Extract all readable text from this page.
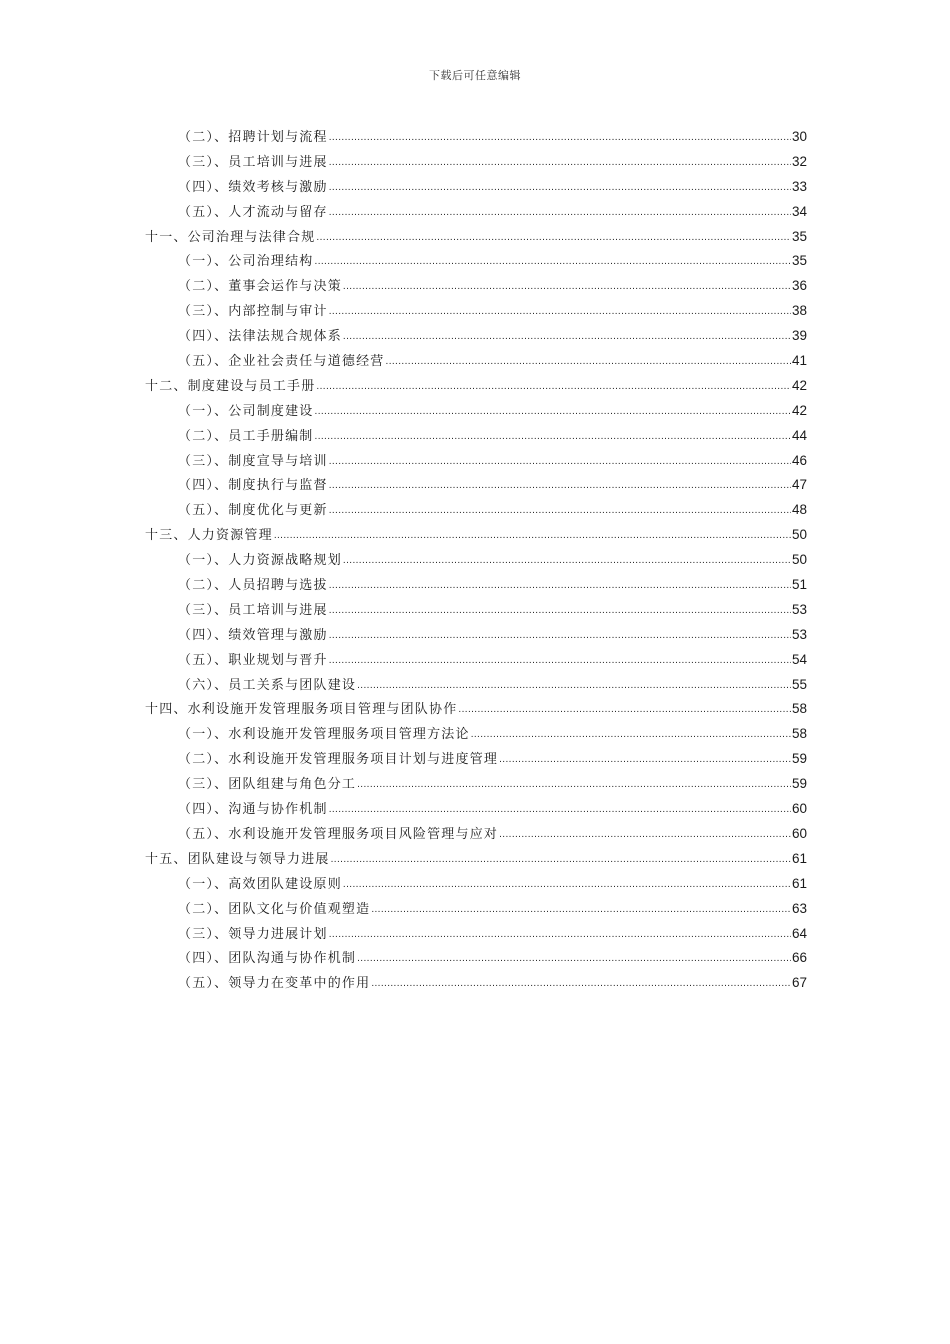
下载后可任意编辑
（二）、招聘计划与流程 .....	30
（三）、员工培训与进展 .....	32
（四）、绩效考核与激励 .....	33
（五）、人才流动与留存 .....	34
十一、公司治理与法律合规 .....	35
（一）、公司治理结构 .....	35
（二）、董事会运作与决策 .....	36
（三）、内部控制与审计 .....	38
（四）、法律法规合规体系 .....	39
（五）、企业社会责任与道德经营 .....	41
十二、制度建设与员工手册 .....	42
（一）、公司制度建设 .....	42
（二）、员工手册编制 .....	44
（三）、制度宣导与培训 .....	46
（四）、制度执行与监督 .....	47
（五）、制度优化与更新 .....	48
十三、人力资源管理 .....	50
（一）、人力资源战略规划 .....	50
（二）、人员招聘与选拔 .....	51
（三）、员工培训与进展 .....	53
（四）、绩效管理与激励 .....	53
（五）、职业规划与晋升 .....	54
（六）、员工关系与团队建设 .....	55
十四、水利设施开发管理服务项目管理与团队协作 .....	58
（一）、水利设施开发管理服务项目管理方法论 .....	58
（二）、水利设施开发管理服务项目计划与进度管理 .....	59
（三）、团队组建与角色分工 .....	59
（四）、沟通与协作机制 .....	60
（五）、水利设施开发管理服务项目风险管理与应对 .....	60
十五、团队建设与领导力进展 .....	61
（一）、高效团队建设原则 .....	61
（二）、团队文化与价值观塑造 .....	63
（三）、领导力进展计划 .....	64
（四）、团队沟通与协作机制 .....	66
（五）、领导力在变革中的作用 .....	67
